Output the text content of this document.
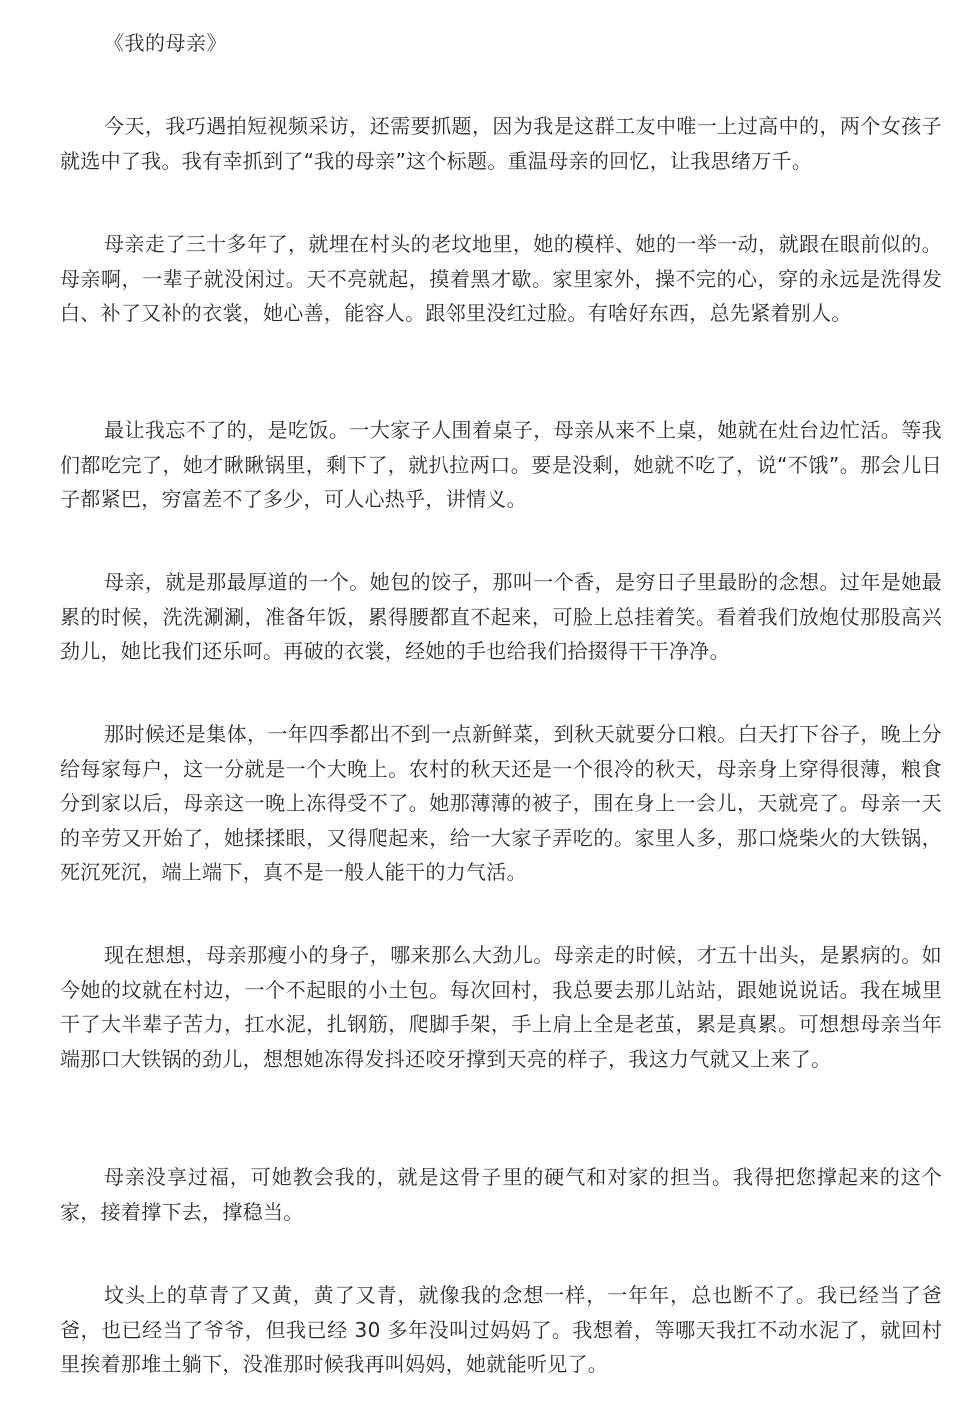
《我的母亲》

今天，我巧遇拍短视频采访，还需要抓题，因为我是这群工友中唯一上过高中的，两个女孩子就选中了我。我有幸抓到了“我的母亲”这个标题。重温母亲的回忆，让我思绪万千。

母亲走了三十多年了，就埋在村头的老坟地里，她的模样、她的一举一动，就跟在眼前似的。母亲啊，一辈子就没闲过。天不亮就起，摸着黑才歇。家里家外，操不完的心，穿的永远是洗得发白、补了又补的衣裳，她心善，能容人。跟邻里没红过脸。有啥好东西，总先紧着别人。

最让我忘不了的，是吃饭。一大家子人围着桌子，母亲从来不上桌，她就在灶台边忙活。等我们都吃完了，她才瞅瞅锅里，剩下了，就扒拉两口。要是没剩，她就不吃了，说“不饿”。那会儿日子都紧巴，穷富差不了多少，可人心热乎，讲情义。

母亲，就是那最厚道的一个。她包的饺子，那叫一个香，是穷日子里最盼的念想。过年是她最累的时候，洗洗涮涮，准备年饭，累得腰都直不起来，可脸上总挂着笑。看着我们放炮仗那股高兴劲儿，她比我们还乐呵。再破的衣裳，经她的手也给我们拾掇得干干净净。

那时候还是集体，一年四季都出不到一点新鲜菜，到秋天就要分口粮。白天打下谷子，晚上分给每家每户，这一分就是一个大晚上。农村的秋天还是一个很冷的秋天，母亲身上穿得很薄，粮食分到家以后，母亲这一晚上冻得受不了。她那薄薄的被子，围在身上一会儿，天就亮了。母亲一天的辛劳又开始了，她揉揉眼，又得爬起来，给一大家子弄吃的。家里人多，那口烧柴火的大铁锅，死沉死沉，端上端下，真不是一般人能干的力气活。

现在想想，母亲那瘦小的身子，哪来那么大劲儿。母亲走的时候，才五十出头，是累病的。如今她的坟就在村边，一个不起眼的小土包。每次回村，我总要去那儿站站，跟她说说话。我在城里干了大半辈子苦力，扛水泥，扎钢筋，爬脚手架，手上肩上全是老茧，累是真累。可想想母亲当年端那口大铁锅的劲儿，想想她冻得发抖还咬牙撑到天亮的样子，我这力气就又上来了。

母亲没享过福，可她教会我的，就是这骨子里的硬气和对家的担当。我得把您撑起来的这个家，接着撑下去，撑稳当。

坟头上的草青了又黄，黄了又青，就像我的念想一样，一年年，总也断不了。我已经当了爸爸，也已经当了爷爷，但我已经 30 多年没叫过妈妈了。我想着，等哪天我扛不动水泥了，就回村里挨着那堆土躺下，没准那时候我再叫妈妈，她就能听见了。
